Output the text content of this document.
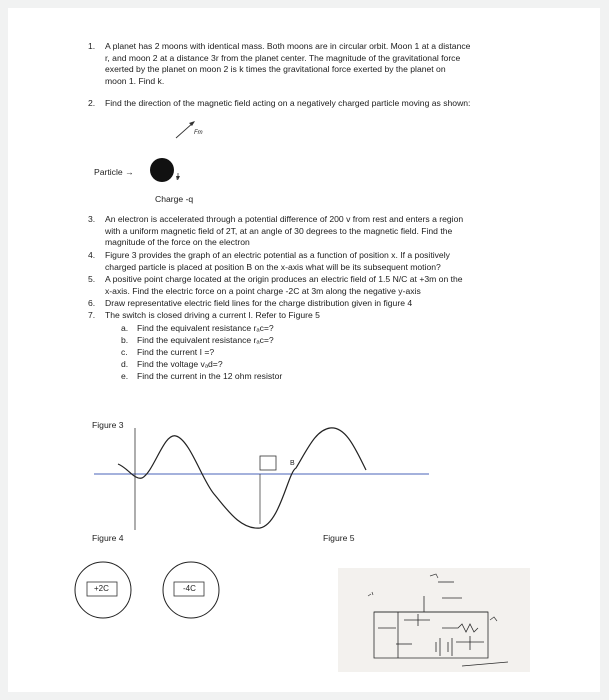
1. A planet has 2 moons with identical mass. Both moons are in circular orbit. Moon 1 at a distance
r, and moon 2 at a distance 3r from the planet center. The magnitude of the gravitational force
exerted by the planet on moon 2 is k times the gravitational force exerted by the planet on
moon 1. Find k.
2. Find the direction of the magnetic field acting on a negatively charged particle moving as shown:
Fm
v
Particle →
Charge -q
3. An electron is accelerated through a potential difference of 200 v from rest and enters a region
with a uniform magnetic field of 2T, at an angle of 30 degrees to the magnetic field. Find the
magnitude of the force on the electron
4. Figure 3 provides the graph of an electric potential as a function of position x. If a positively
charged particle is placed at position B on the x-axis what will be its subsequent motion?
5. A positive point charge located at the origin produces an electric field of 1.5 N/C at +3m on the
x-axis. Find the electric force on a point charge -2C at 3m along the negative y-axis
6. Draw representative electric field lines for the charge distribution given in figure 4
7. The switch is closed driving a current I. Refer to Figure 5
a. Find the equivalent resistance rₐc=?
b. Find the equivalent resistance rₐc=?
c. Find the current I =?
d. Find the voltage vₐd=?
e. Find the current in the 12 ohm resistor
Figure 3
B
Figure 4
+2C	-4C
Figure 5
